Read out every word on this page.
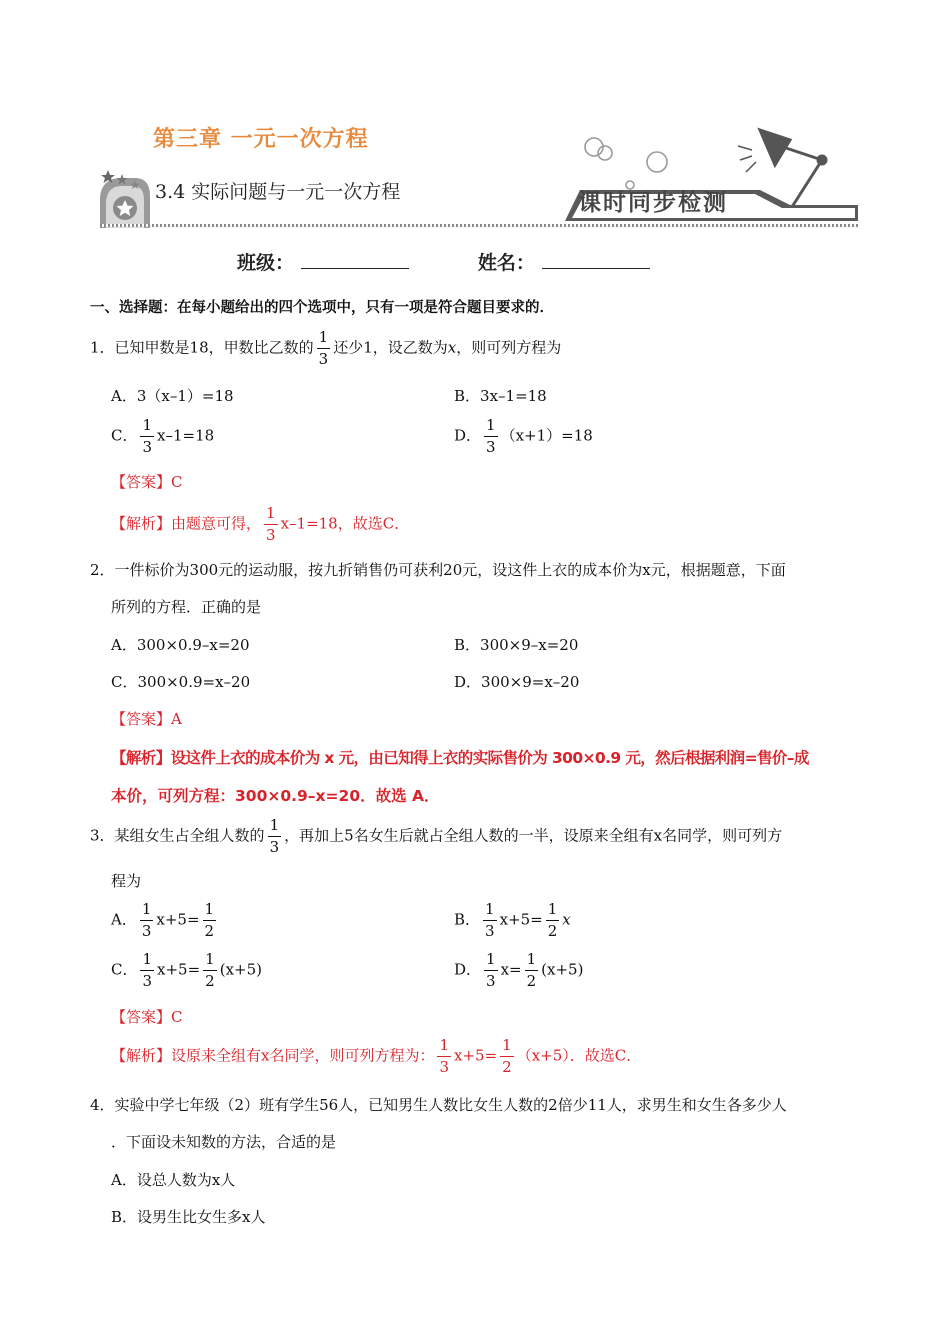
第三章 一元一次方程
3.4 实际问题与一元一次方程	课时同步检测
班级：	姓名：
一、选择题：在每小题给出的四个选项中，只有一项是符合题目要求的．
1．已知甲数是18，甲数比乙数的 $\frac{1}{3}$ 还少1，设乙数为x，则可列方程为
A．3（x–1）=18	B．3x–1=18
C． $\frac{1}{3} x-1=18$	D． $\frac{1}{3} (x+1)=18$
【答案】C
【解析】由题意可得， $\frac{1}{3} x-1=18$，故选C．
2．一件标价为300元的运动服，按九折销售仍可获利20元，设这件上衣的成本价为x元，根据题意，下面
所列的方程．正确的是
A．300×0.9–x=20	B．300×9–x=20
C．300×0.9=x–20	D．300×9=x–20
【答案】A
【解析】设这件上衣的成本价为 x 元，由已知得上衣的实际售价为 300×0.9 元，然后根据利润=售价–成
本价，可列方程：300×0.9–x=20．故选 A．
3．某组女生占全组人数的 $\frac{1}{3}$ ，再加上5名女生后就占全组人数的一半，设原来全组有x名同学，则可列方
程为
A． $\frac{1}{3} x+5= \frac{1}{2}$	B． $\frac{1}{3} x+5= \frac{1}{2}$ x
C． $\frac{1}{3} x+5= \frac{1}{2} (x+5)$	D． $\frac{1}{3} x= \frac{1}{2} (x+5)$
【答案】C
【解析】设原来全组有x名同学，则可列方程为： $\frac{1}{3} x+5= \frac{1}{2} (x+5)$．故选C．
4．实验中学七年级（2）班有学生56人，已知男生人数比女生人数的2倍少11人，求男生和女生各多少人
．下面设未知数的方法，合适的是
A．设总人数为x人
B．设男生比女生多x人
